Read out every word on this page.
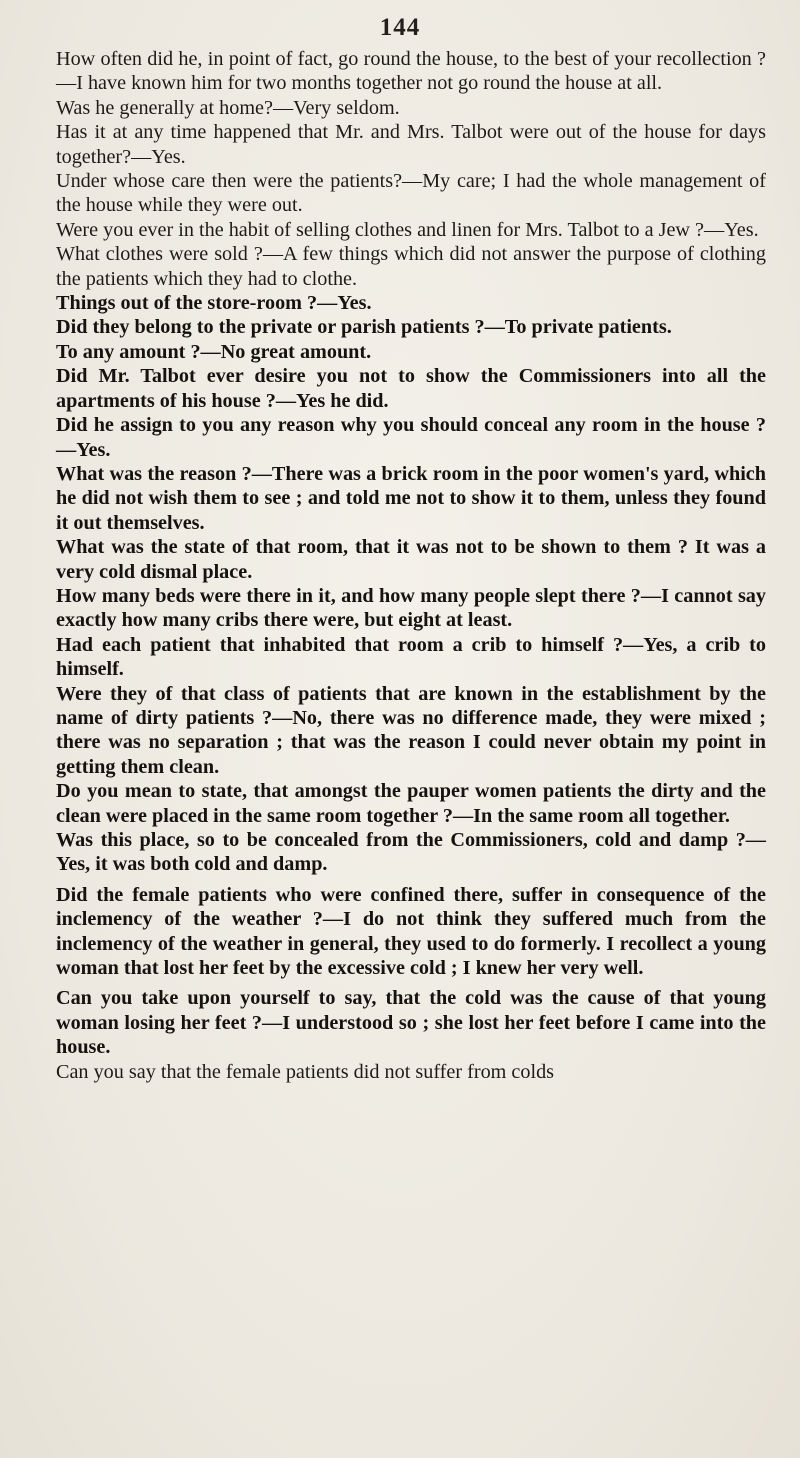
144

How often did he, in point of fact, go round the house, to the best of your recollection ?—I have known him for two months together not go round the house at all.

Was he generally at home?—Very seldom.

Has it at any time happened that Mr. and Mrs. Talbot were out of the house for days together?—Yes.

Under whose care then were the patients?—My care; I had the whole management of the house while they were out.

Were you ever in the habit of selling clothes and linen for Mrs. Talbot to a Jew ?—Yes.

What clothes were sold ?—A few things which did not answer the purpose of clothing the patients which they had to clothe.

Things out of the store-room ?—Yes.

Did they belong to the private or parish patients ?—To private patients.

To any amount ?—No great amount.

Did Mr. Talbot ever desire you not to show the Commissioners into all the apartments of his house ?—Yes he did.

Did he assign to you any reason why you should conceal any room in the house ?—Yes.

What was the reason ?—There was a brick room in the poor women's yard, which he did not wish them to see ; and told me not to show it to them, unless they found it out themselves.

What was the state of that room, that it was not to be shown to them ? It was a very cold dismal place.

How many beds were there in it, and how many people slept there ?—I cannot say exactly how many cribs there were, but eight at least.

Had each patient that inhabited that room a crib to himself ?—Yes, a crib to himself.

Were they of that class of patients that are known in the establishment by the name of dirty patients ?—No, there was no difference made, they were mixed ; there was no separation ; that was the reason I could never obtain my point in getting them clean.

Do you mean to state, that amongst the pauper women patients the dirty and the clean were placed in the same room together ?—In the same room all together.

Was this place, so to be concealed from the Commissioners, cold and damp ?—Yes, it was both cold and damp.

Did the female patients who were confined there, suffer in consequence of the inclemency of the weather ?—I do not think they suffered much from the inclemency of the weather in general, they used to do formerly. I recollect a young woman that lost her feet by the excessive cold ; I knew her very well.

Can you take upon yourself to say, that the cold was the cause of that young woman losing her feet ?—I understood so ; she lost her feet before I came into the house.

Can you say that the female patients did not suffer from colds
